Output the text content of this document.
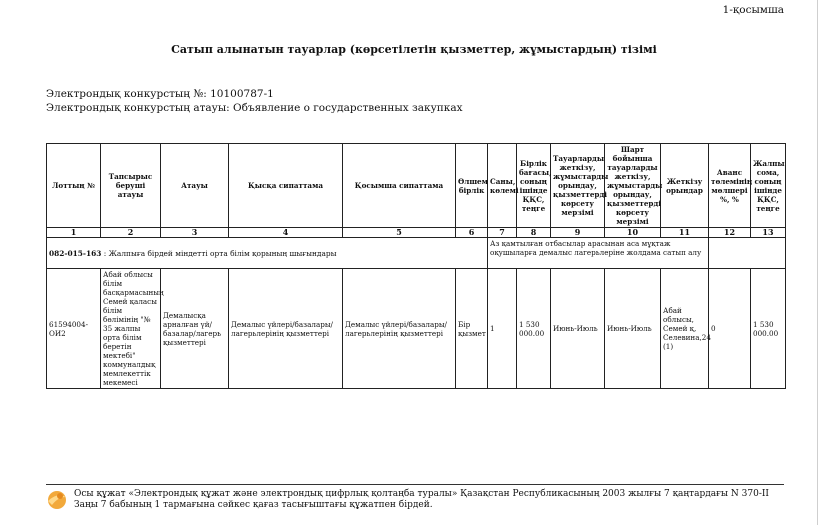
1-қосымша
Сатып алынатын тауарлар (көрсетілетін қызметтер, жұмыстардың) тізімі
Электрондық конкурстың №: 10100787-1
Электрондық конкурстың атауы: Объявление о государственных закупках
Лоттың №	Тапсырыс беруші атауы	Атауы	Қысқа сипаттама	Қосымша сипаттама	Өлшем бірлік	Саны, көлемі	Бірлік бағасы, соның ішінде ҚҚС, теңге	Тауарларды жеткізу, жұмыстарды орындау, қызметтерді көрсету мерзімі	Шарт бойынша тауарларды жеткізу, жұмыстарды орындау, қызметтерді көрсету мерзімі	Жеткізу орындар	Аванс төлемінің мөлшері %, %	Жалпы сома, соның ішінде ҚҚС, теңге
1	2	3	4	5	6	7	8	9	10	11	12	13
082-015-163 : Жалпыға бірдей міндетті орта білім қорының шығындары						Аз қамтылған отбасылар арасынан аса мұқтаж оқушыларға демалыс лагерьлеріне жолдама сатып алу						
61594004-ОИ2	Абай облысы білім басқармасының Семей қаласы білім бөлімінің "№ 35 жалпы орта білім беретін мектебі" коммуналдық мемлекеттік мекемесі	Демалысқа арналған үй/базалар/лагерь қызметтері	Демалыс үйлері/базалары/лагерьлерінің қызметтері	Демалыс үйлері/базалары/лагерьлерінің қызметтері	Бір қызмет	1	1 530 000.00	Июнь-Июль	Июнь-Июль	Абай облысы, Семей қ, Селевина,24 (1)	0	1 530 000.00
Осы құжат «Электрондық құжат және электрондық цифрлық қолтаңба туралы» Қазақстан Республикасының 2003 жылғы 7 қаңтардағы N 370-II Заңы 7 бабының 1 тармағына сәйкес қағаз тасығыштағы құжатпен бірдей.
